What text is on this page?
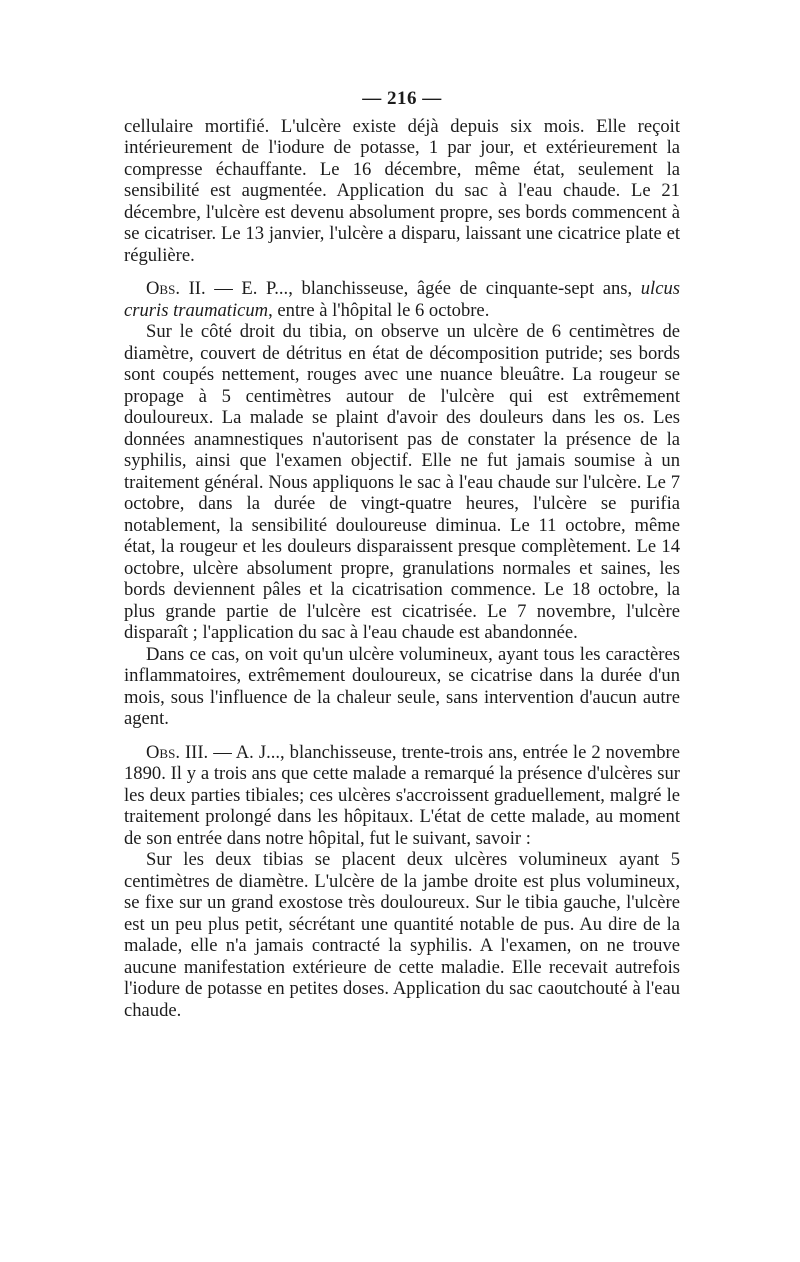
— 216 —

cellulaire mortifié. L'ulcère existe déjà depuis six mois. Elle reçoit intérieurement de l'iodure de potasse, 1 par jour, et extérieurement la compresse échauffante. Le 16 décembre, même état, seulement la sensibilité est augmentée. Application du sac à l'eau chaude. Le 21 décembre, l'ulcère est devenu absolument propre, ses bords commencent à se cicatriser. Le 13 janvier, l'ulcère a disparu, laissant une cicatrice plate et régulière.

Obs. II. — E. P..., blanchisseuse, âgée de cinquante-sept ans, ulcus cruris traumaticum, entre à l'hôpital le 6 octobre.

Sur le côté droit du tibia, on observe un ulcère de 6 centimètres de diamètre, couvert de détritus en état de décomposition putride; ses bords sont coupés nettement, rouges avec une nuance bleuâtre. La rougeur se propage à 5 centimètres autour de l'ulcère qui est extrêmement douloureux. La malade se plaint d'avoir des douleurs dans les os. Les données anamnestiques n'autorisent pas de constater la présence de la syphilis, ainsi que l'examen objectif. Elle ne fut jamais soumise à un traitement général. Nous appliquons le sac à l'eau chaude sur l'ulcère. Le 7 octobre, dans la durée de vingt-quatre heures, l'ulcère se purifia notablement, la sensibilité douloureuse diminua. Le 11 octobre, même état, la rougeur et les douleurs disparaissent presque complètement. Le 14 octobre, ulcère absolument propre, granulations normales et saines, les bords deviennent pâles et la cicatrisation commence. Le 18 octobre, la plus grande partie de l'ulcère est cicatrisée. Le 7 novembre, l'ulcère disparaît ; l'application du sac à l'eau chaude est abandonnée.

Dans ce cas, on voit qu'un ulcère volumineux, ayant tous les caractères inflammatoires, extrêmement douloureux, se cicatrise dans la durée d'un mois, sous l'influence de la chaleur seule, sans intervention d'aucun autre agent.

Obs. III. — A. J..., blanchisseuse, trente-trois ans, entrée le 2 novembre 1890. Il y a trois ans que cette malade a remarqué la présence d'ulcères sur les deux parties tibiales; ces ulcères s'accroissent graduellement, malgré le traitement prolongé dans les hôpitaux. L'état de cette malade, au moment de son entrée dans notre hôpital, fut le suivant, savoir :

Sur les deux tibias se placent deux ulcères volumineux ayant 5 centimètres de diamètre. L'ulcère de la jambe droite est plus volumineux, se fixe sur un grand exostose très douloureux. Sur le tibia gauche, l'ulcère est un peu plus petit, sécrétant une quantité notable de pus. Au dire de la malade, elle n'a jamais contracté la syphilis. A l'examen, on ne trouve aucune manifestation extérieure de cette maladie. Elle recevait autrefois l'iodure de potasse en petites doses. Application du sac caoutchouté à l'eau chaude.
